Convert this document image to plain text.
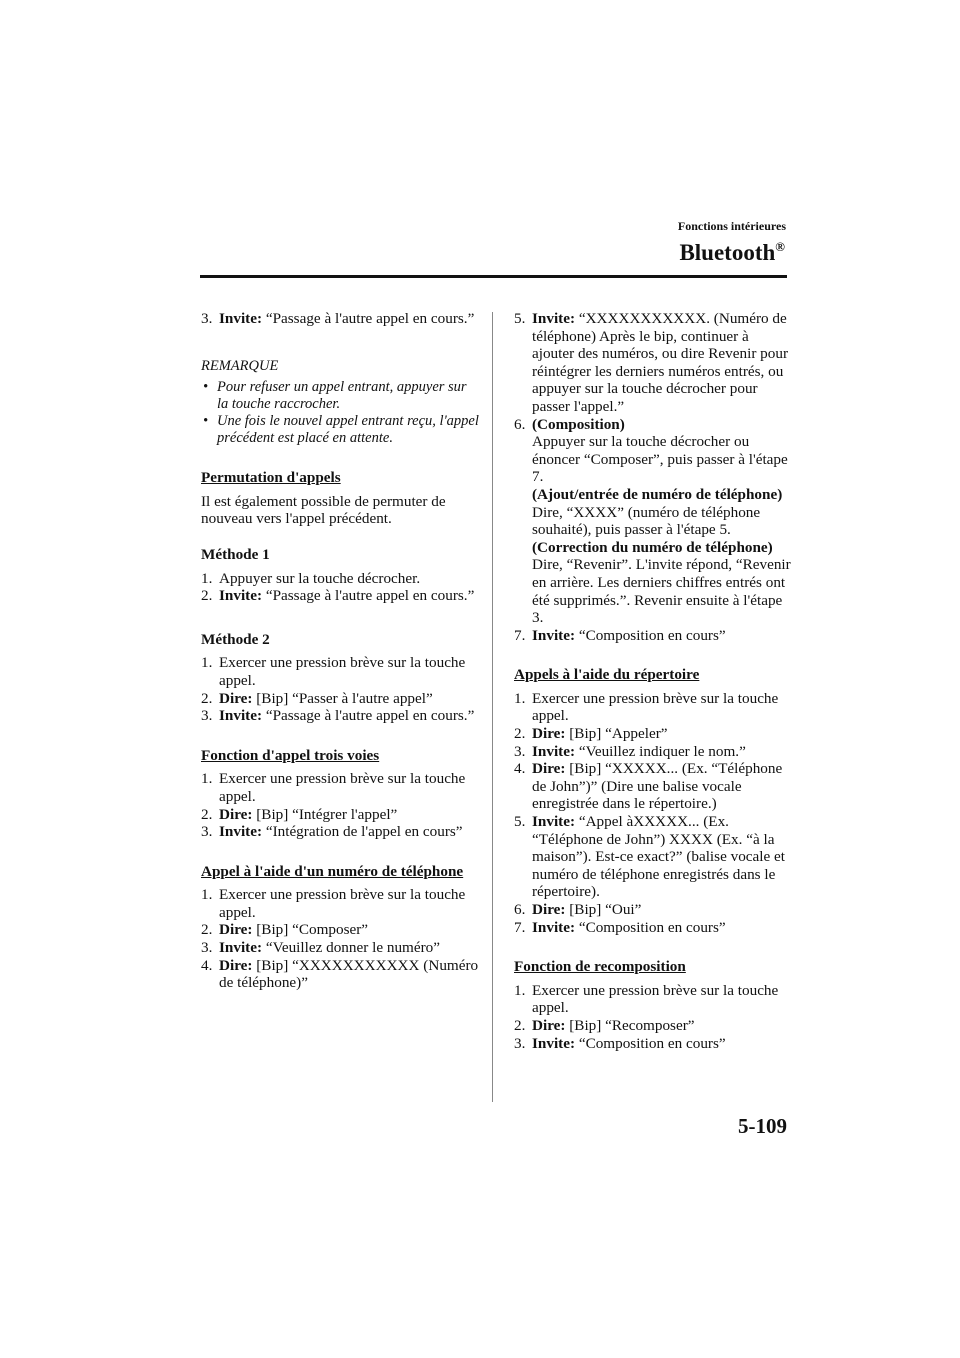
Fonctions intérieures
Bluetooth®
3. Invite: “Passage à l'autre appel en cours.”
REMARQUE
• Pour refuser un appel entrant, appuyer sur la touche raccrocher.
• Une fois le nouvel appel entrant reçu, l'appel précédent est placé en attente.
Permutation d'appels
Il est également possible de permuter de nouveau vers l'appel précédent.
Méthode 1
1. Appuyer sur la touche décrocher.
2. Invite: “Passage à l'autre appel en cours.”
Méthode 2
1. Exercer une pression brève sur la touche appel.
2. Dire: [Bip] “Passer à l'autre appel”
3. Invite: “Passage à l'autre appel en cours.”
Fonction d'appel trois voies
1. Exercer une pression brève sur la touche appel.
2. Dire: [Bip] “Intégrer l'appel”
3. Invite: “Intégration de l'appel en cours”
Appel à l'aide d'un numéro de téléphone
1. Exercer une pression brève sur la touche appel.
2. Dire: [Bip] “Composer”
3. Invite: “Veuillez donner le numéro”
4. Dire: [Bip] “XXXXXXXXXXX (Numéro de téléphone)”
5. Invite: “XXXXXXXXXXX. (Numéro de téléphone) Après le bip, continuer à ajouter des numéros, ou dire Revenir pour réintégrer les derniers numéros entrés, ou appuyer sur la touche décrocher pour passer l'appel.”
6. (Composition)
Appuyer sur la touche décrocher ou énoncer “Composer”, puis passer à l'étape 7.
(Ajout/entrée de numéro de téléphone)
Dire, “XXXX” (numéro de téléphone souhaité), puis passer à l'étape 5.
(Correction du numéro de téléphone)
Dire, “Revenir”. L'invite répond, “Revenir en arrière. Les derniers chiffres entrés ont été supprimés.”. Revenir ensuite à l'étape 3.
7. Invite: “Composition en cours”
Appels à l'aide du répertoire
1. Exercer une pression brève sur la touche appel.
2. Dire: [Bip] “Appeler”
3. Invite: “Veuillez indiquer le nom.”
4. Dire: [Bip] “XXXXX... (Ex. “Téléphone de John”)” (Dire une balise vocale enregistrée dans le répertoire.)
5. Invite: “Appel àXXXXX... (Ex. “Téléphone de John”) XXXX (Ex. “à la maison”). Est-ce exact?” (balise vocale et numéro de téléphone enregistrés dans le répertoire).
6. Dire: [Bip] “Oui”
7. Invite: “Composition en cours”
Fonction de recomposition
1. Exercer une pression brève sur la touche appel.
2. Dire: [Bip] “Recomposer”
3. Invite: “Composition en cours”
5-109
